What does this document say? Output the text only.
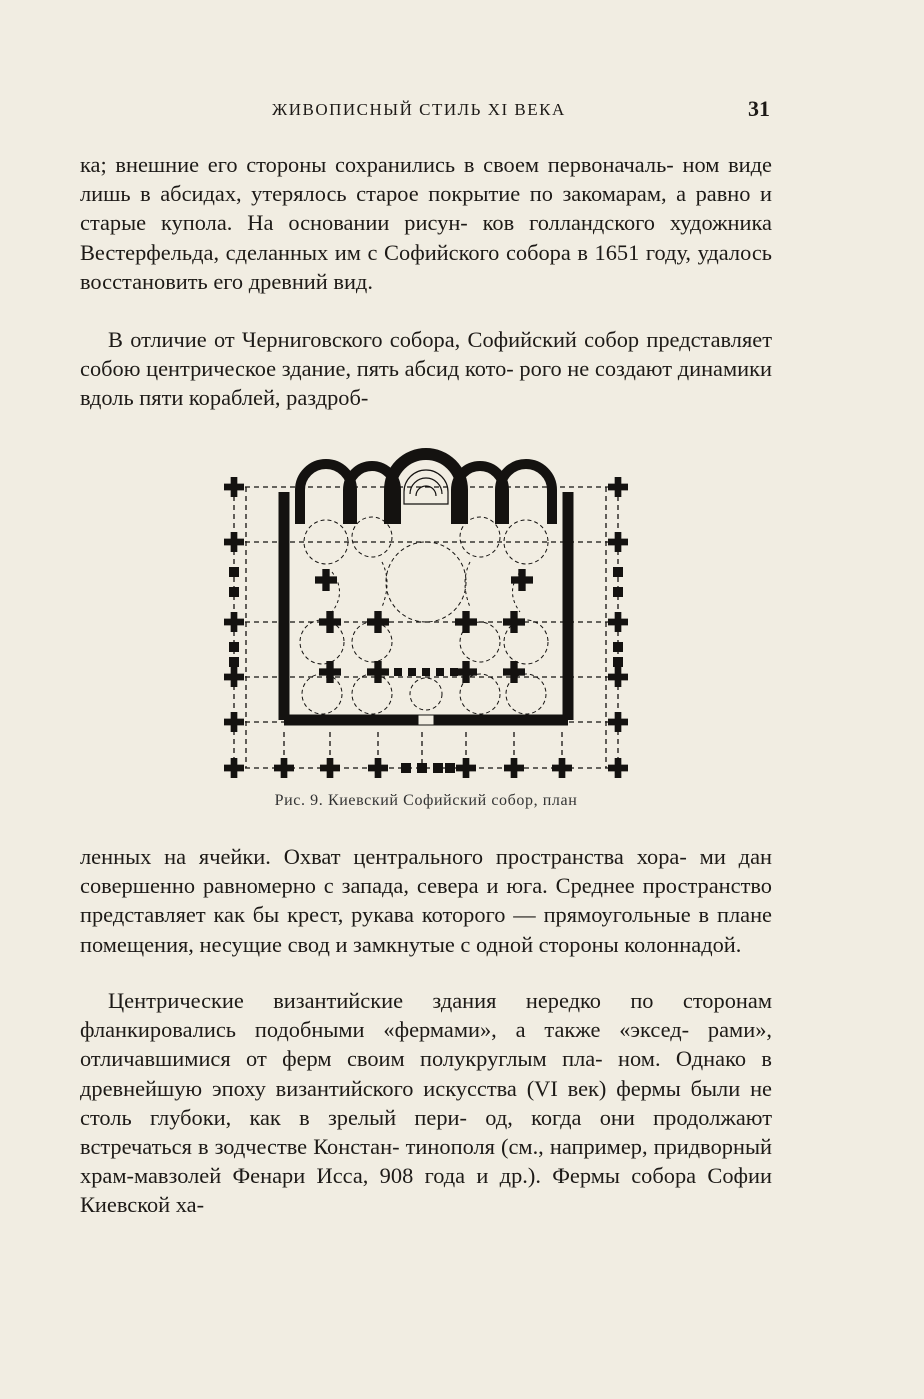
ЖИВОПИСНЫЙ СТИЛЬ XI ВЕКА	31

ка; внешние его стороны сохранились в своем первоначаль- ном виде лишь в абсидах, утерялось старое покрытие по закомарам, а равно и старые купола. На основании рисун- ков голландского художника Вестерфельда, сделанных им с Софийского собора в 1651 году, удалось восстановить его древний вид.

В отличие от Черниговского собора, Софийский собор представляет собою центрическое здание, пять абсид кото- рого не создают динамики вдоль пяти кораблей, раздроб-

Рис. 9. Киевский Софийский собор, план

ленных на ячейки. Охват центрального пространства хора- ми дан совершенно равномерно с запада, севера и юга. Среднее пространство представляет как бы крест, рукава которого — прямоугольные в плане помещения, несущие свод и замкнутые с одной стороны колоннадой.

Центрические византийские здания нередко по сторонам фланкировались подобными «фермами», а также «эксед- рами», отличавшимися от ферм своим полукруглым пла- ном. Однако в древнейшую эпоху византийского искусства (VI век) фермы были не столь глубоки, как в зрелый пери- од, когда они продолжают встречаться в зодчестве Констан- тинополя (см., например, придворный храм-мавзолей Фенари Исса, 908 года и др.). Фермы собора Софии Киевской ха-
